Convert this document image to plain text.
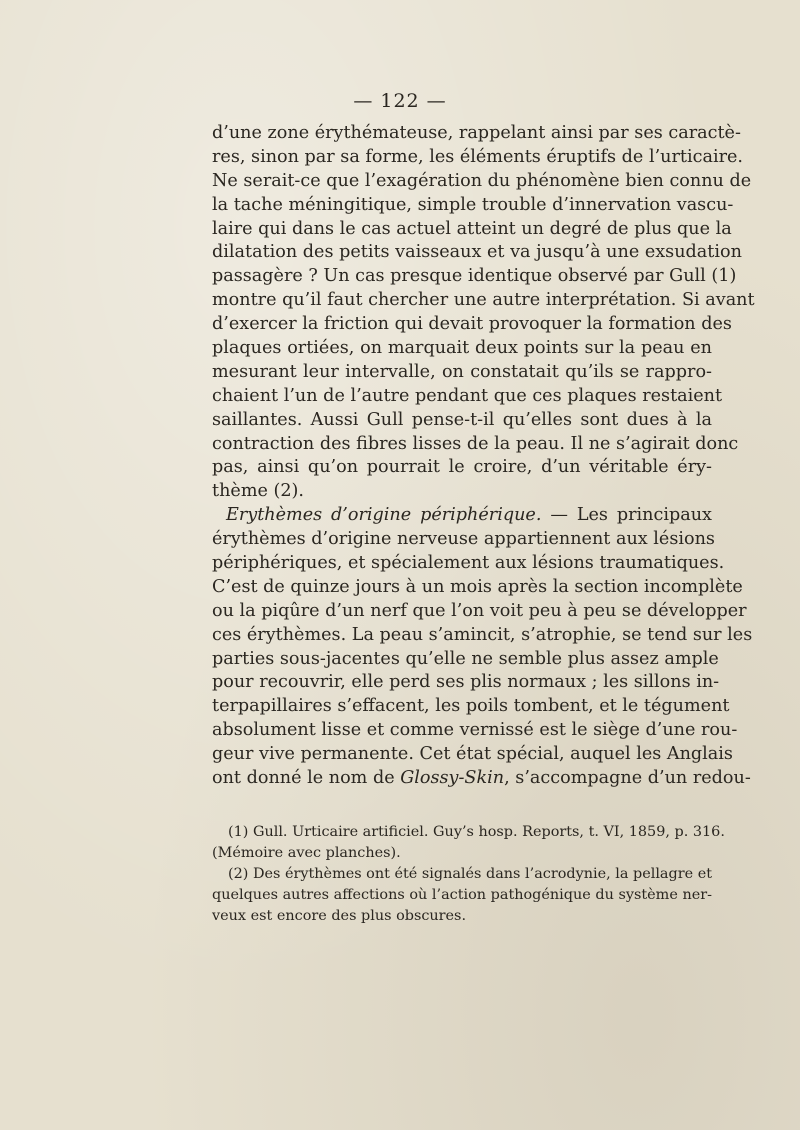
— 122 —
d’une zone érythémateuse, rappelant ainsi par ses caractè-
res, sinon par sa forme, les éléments éruptifs de l’urticaire.
Ne serait-ce que l’exagération du phénomène bien connu de
la tache méningitique, simple trouble d’innervation vascu-
laire qui dans le cas actuel atteint un degré de plus que la
dilatation des petits vaisseaux et va jusqu’à une exsudation
passagère ? Un cas presque identique observé par Gull (1)
montre qu’il faut chercher une autre interprétation. Si avant
d’exercer la friction qui devait provoquer la formation des
plaques ortiées, on marquait deux points sur la peau en
mesurant leur intervalle, on constatait qu’ils se rappro-
chaient l’un de l’autre pendant que ces plaques restaient
saillantes. Aussi Gull pense-t-il qu’elles sont dues à la
contraction des fibres lisses de la peau. Il ne s’agirait donc
pas, ainsi qu’on pourrait le croire, d’un véritable éry-
thème (2).
Erythèmes d’origine périphérique. — Les principaux
érythèmes d’origine nerveuse appartiennent aux lésions
périphériques, et spécialement aux lésions traumatiques.
C’est de quinze jours à un mois après la section incomplète
ou la piqûre d’un nerf que l’on voit peu à peu se développer
ces érythèmes. La peau s’amincit, s’atrophie, se tend sur les
parties sous-jacentes qu’elle ne semble plus assez ample
pour recouvrir, elle perd ses plis normaux ; les sillons in-
terpapillaires s’effacent, les poils tombent, et le tégument
absolument lisse et comme vernissé est le siège d’une rou-
geur vive permanente. Cet état spécial, auquel les Anglais
ont donné le nom de Glossy-Skin, s’accompagne d’un redou-
(1) Gull. Urticaire artificiel. Guy’s hosp. Reports, t. VI, 1859, p. 316.
(Mémoire avec planches).
(2) Des érythèmes ont été signalés dans l’acrodynie, la pellagre et
quelques autres affections où l’action pathogénique du système ner-
veux est encore des plus obscures.
